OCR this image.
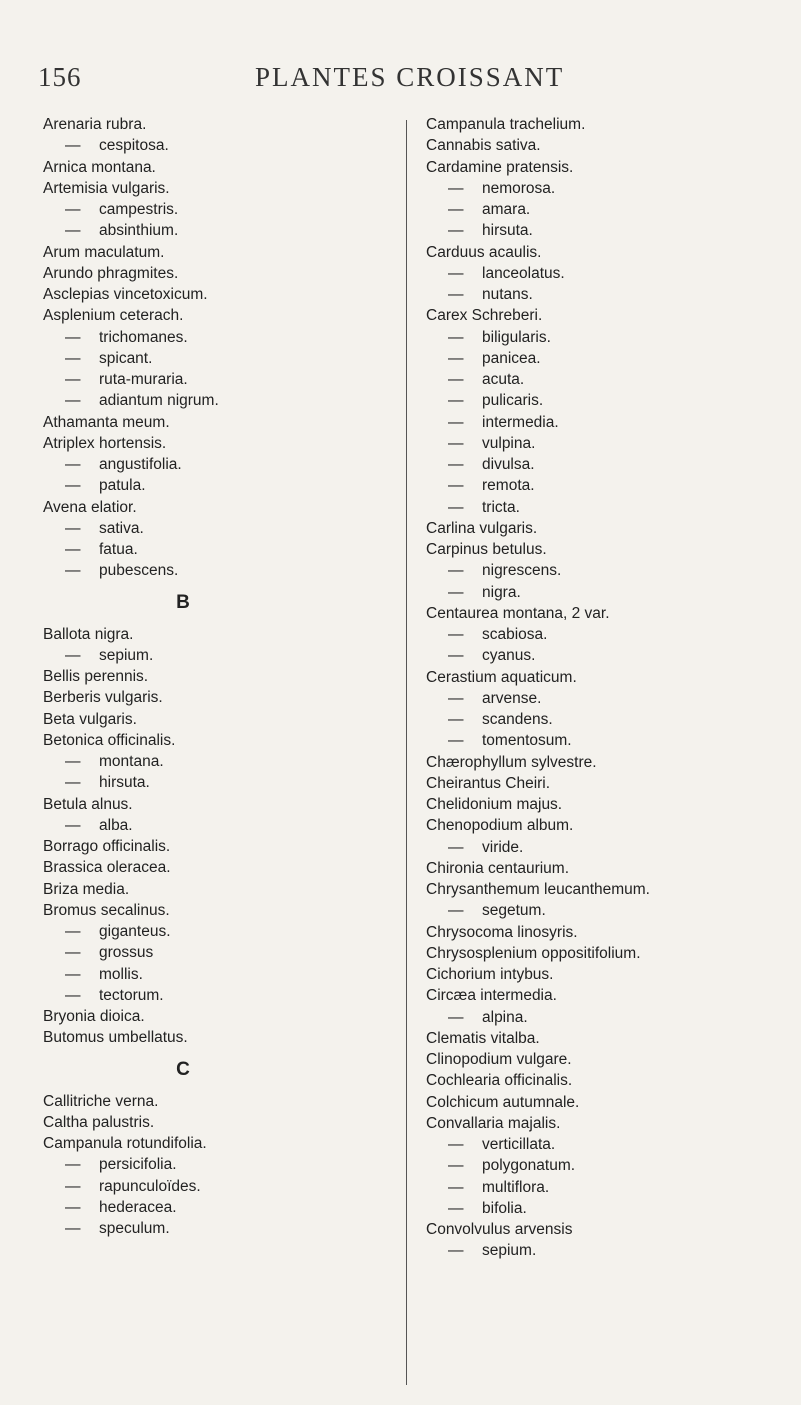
156	PLANTES CROISSANT
Arenaria rubra.
— cespitosa.
Arnica montana.
Artemisia vulgaris.
— campestris.
— absinthium.
Arum maculatum.
Arundo phragmites.
Asclepias vincetoxicum.
Asplenium ceterach.
— trichomanes.
— spicant.
— ruta-muraria.
— adiantum nigrum.
Athamanta meum.
Atriplex hortensis.
— angustifolia.
— patula.
Avena elatior.
— sativa.
— fatua.
— pubescens.
B
Ballota nigra.
— sepium.
Bellis perennis.
Berberis vulgaris.
Beta vulgaris.
Betonica officinalis.
— montana.
— hirsuta.
Betula alnus.
— alba.
Borrago officinalis.
Brassica oleracea.
Briza media.
Bromus secalinus.
— giganteus.
— grossus
— mollis.
— tectorum.
Bryonia dioica.
Butomus umbellatus.
C
Callitriche verna.
Caltha palustris.
Campanula rotundifolia.
— persicifolia.
— rapunculoïdes.
— hederacea.
— speculum.
Campanula trachelium.
Cannabis sativa.
Cardamine pratensis.
— nemorosa.
— amara.
— hirsuta.
Carduus acaulis.
— lanceolatus.
— nutans.
Carex Schreberi.
— biligularis.
— panicea.
— acuta.
— pulicaris.
— intermedia.
— vulpina.
— divulsa.
— remota.
— tricta.
Carlina vulgaris.
Carpinus betulus.
— nigrescens.
— nigra.
Centaurea montana, 2 var.
— scabiosa.
— cyanus.
Cerastium aquaticum.
— arvense.
— scandens.
— tomentosum.
Chærophyllum sylvestre.
Cheirantus Cheiri.
Chelidonium majus.
Chenopodium album.
— viride.
Chironia centaurium.
Chrysanthemum leucanthemum.
— segetum.
Chrysocoma linosyris.
Chrysosplenium oppositifolium.
Cichorium intybus.
Circæa intermedia.
— alpina.
Clematis vitalba.
Clinopodium vulgare.
Cochlearia officinalis.
Colchicum autumnale.
Convallaria majalis.
— verticillata.
— polygonatum.
— multiflora.
— bifolia.
Convolvulus arvensis
— sepium.
